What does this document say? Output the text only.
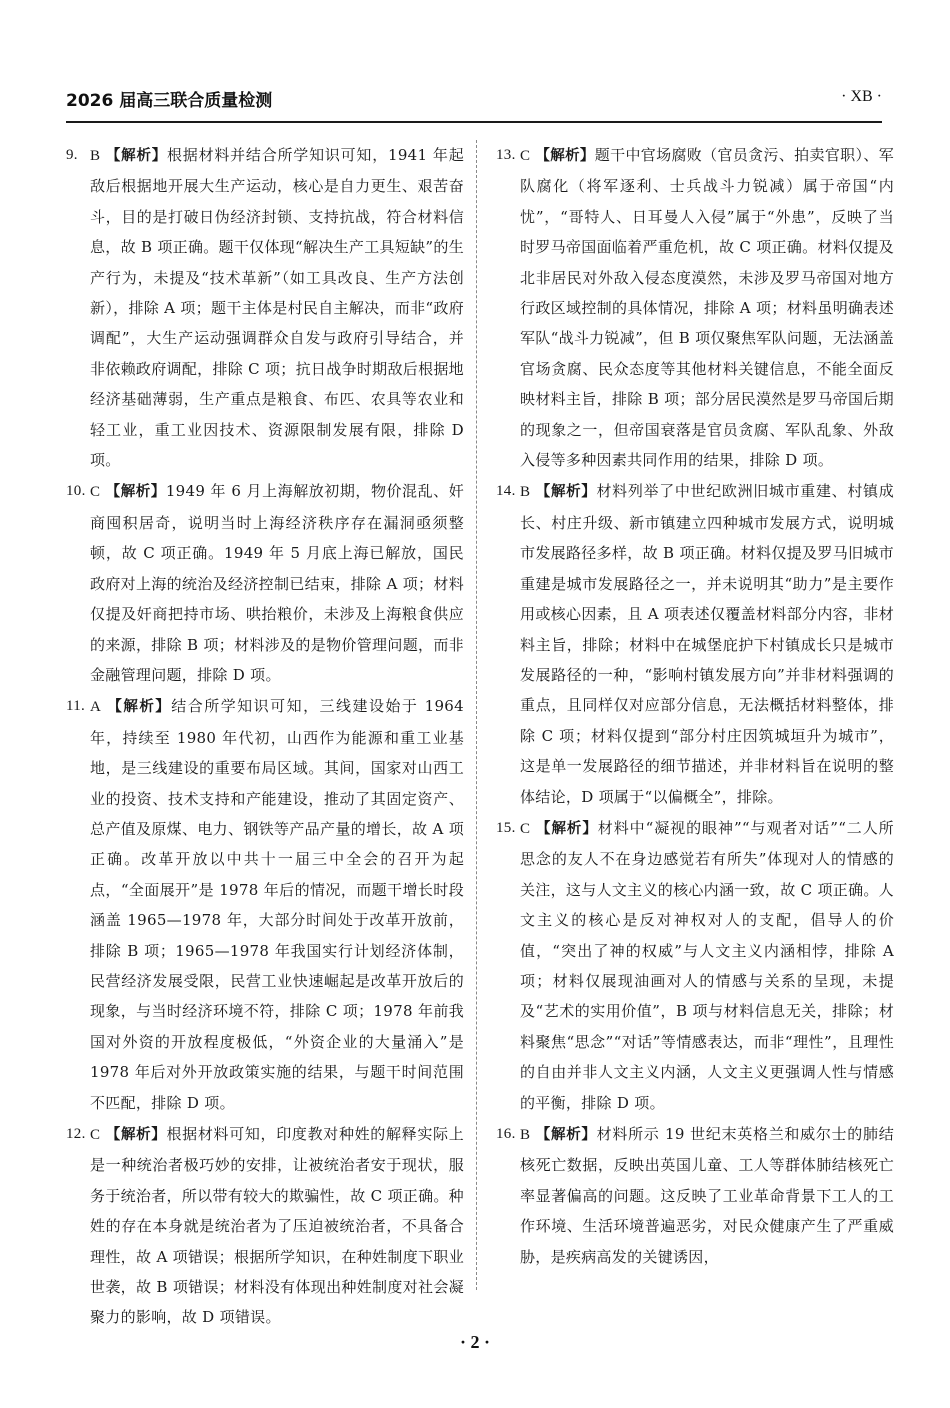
2026 届高三联合质量检测	· XB ·

9. B 【解析】根据材料并结合所学知识可知，1941 年起敌后根据地开展大生产运动，核心是自力更生、艰苦奋斗，目的是打破日伪经济封锁、支持抗战，符合材料信息，故 B 项正确。题干仅体现“解决生产工具短缺”的生产行为，未提及“技术革新”（如工具改良、生产方法创新），排除 A 项；题干主体是村民自主解决，而非“政府调配”，大生产运动强调群众自发与政府引导结合，并非依赖政府调配，排除 C 项；抗日战争时期敌后根据地经济基础薄弱，生产重点是粮食、布匹、农具等农业和轻工业，重工业因技术、资源限制发展有限，排除 D 项。

10. C 【解析】1949 年 6 月上海解放初期，物价混乱、奸商囤积居奇，说明当时上海经济秩序存在漏洞亟须整顿，故 C 项正确。1949 年 5 月底上海已解放，国民政府对上海的统治及经济控制已结束，排除 A 项；材料仅提及奸商把持市场、哄抬粮价，未涉及上海粮食供应的来源，排除 B 项；材料涉及的是物价管理问题，而非金融管理问题，排除 D 项。

11. A 【解析】结合所学知识可知，三线建设始于 1964 年，持续至 1980 年代初，山西作为能源和重工业基地，是三线建设的重要布局区域。其间，国家对山西工业的投资、技术支持和产能建设，推动了其固定资产、总产值及原煤、电力、钢铁等产品产量的增长，故 A 项正确。改革开放以中共十一届三中全会的召开为起点，“全面展开”是 1978 年后的情况，而题干增长时段涵盖 1965—1978 年，大部分时间处于改革开放前，排除 B 项；1965—1978 年我国实行计划经济体制，民营经济发展受限，民营工业快速崛起是改革开放后的现象，与当时经济环境不符，排除 C 项；1978 年前我国对外资的开放程度极低，“外资企业的大量涌入”是 1978 年后对外开放政策实施的结果，与题干时间范围不匹配，排除 D 项。

12. C 【解析】根据材料可知，印度教对种姓的解释实际上是一种统治者极巧妙的安排，让被统治者安于现状，服务于统治者，所以带有较大的欺骗性，故 C 项正确。种姓的存在本身就是统治者为了压迫被统治者，不具备合理性，故 A 项错误；根据所学知识，在种姓制度下职业世袭，故 B 项错误；材料没有体现出种姓制度对社会凝聚力的影响，故 D 项错误。

13. C 【解析】题干中官场腐败（官员贪污、拍卖官职）、军队腐化（将军逐利、士兵战斗力锐减）属于帝国“内忧”，“哥特人、日耳曼人入侵”属于“外患”，反映了当时罗马帝国面临着严重危机，故 C 项正确。材料仅提及北非居民对外敌入侵态度漠然，未涉及罗马帝国对地方行政区域控制的具体情况，排除 A 项；材料虽明确表述军队“战斗力锐减”，但 B 项仅聚焦军队问题，无法涵盖官场贪腐、民众态度等其他材料关键信息，不能全面反映材料主旨，排除 B 项；部分居民漠然是罗马帝国后期的现象之一，但帝国衰落是官员贪腐、军队乱象、外敌入侵等多种因素共同作用的结果，排除 D 项。

14. B 【解析】材料列举了中世纪欧洲旧城市重建、村镇成长、村庄升级、新市镇建立四种城市发展方式，说明城市发展路径多样，故 B 项正确。材料仅提及罗马旧城市重建是城市发展路径之一，并未说明其“助力”是主要作用或核心因素，且 A 项表述仅覆盖材料部分内容，非材料主旨，排除；材料中在城堡庇护下村镇成长只是城市发展路径的一种，“影响村镇发展方向”并非材料强调的重点，且同样仅对应部分信息，无法概括材料整体，排除 C 项；材料仅提到“部分村庄因筑城垣升为城市”，这是单一发展路径的细节描述，并非材料旨在说明的整体结论，D 项属于“以偏概全”，排除。

15. C 【解析】材料中“凝视的眼神”“与观者对话”“二人所思念的友人不在身边感觉若有所失”体现对人的情感的关注，这与人文主义的核心内涵一致，故 C 项正确。人文主义的核心是反对神权对人的支配，倡导人的价值，“突出了神的权威”与人文主义内涵相悖，排除 A 项；材料仅展现油画对人的情感与关系的呈现，未提及“艺术的实用价值”，B 项与材料信息无关，排除；材料聚焦“思念”“对话”等情感表达，而非“理性”，且理性的自由并非人文主义内涵，人文主义更强调人性与情感的平衡，排除 D 项。

16. B 【解析】材料所示 19 世纪末英格兰和威尔士的肺结核死亡数据，反映出英国儿童、工人等群体肺结核死亡率显著偏高的问题。这反映了工业革命背景下工人的工作环境、生活环境普遍恶劣，对民众健康产生了严重威胁，是疾病高发的关键诱因，

· 2 ·
